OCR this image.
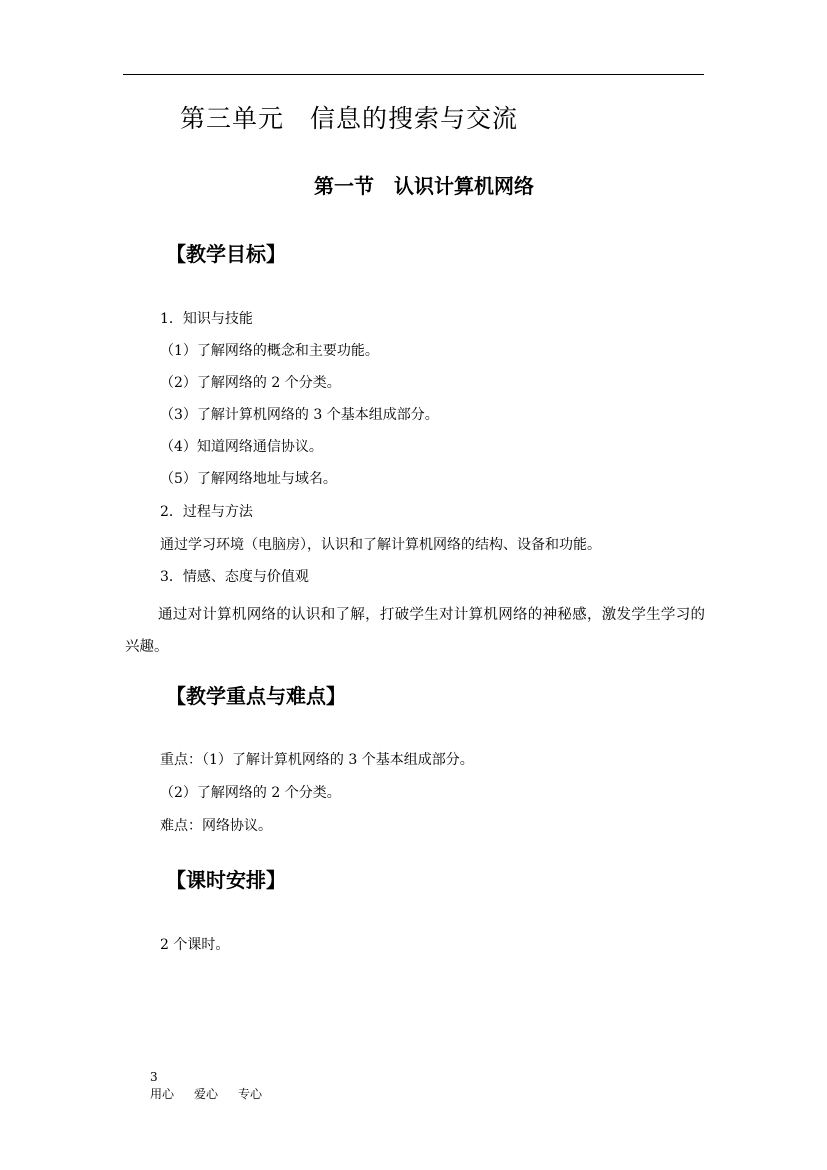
第三单元　信息的搜索与交流
第一节　认识计算机网络
【教学目标】
1．知识与技能
（1）了解网络的概念和主要功能。
（2）了解网络的 2 个分类。
（3）了解计算机网络的 3 个基本组成部分。
（4）知道网络通信协议。
（5）了解网络地址与域名。
2．过程与方法
通过学习环境（电脑房），认识和了解计算机网络的结构、设备和功能。
3．情感、态度与价值观
通过对计算机网络的认识和了解，打破学生对计算机网络的神秘感，激发学生学习的兴趣。
【教学重点与难点】
重点：（1）了解计算机网络的 3 个基本组成部分。
（2）了解网络的 2 个分类。
难点：网络协议。
【课时安排】
2 个课时。
3
用心 爱心 专心
